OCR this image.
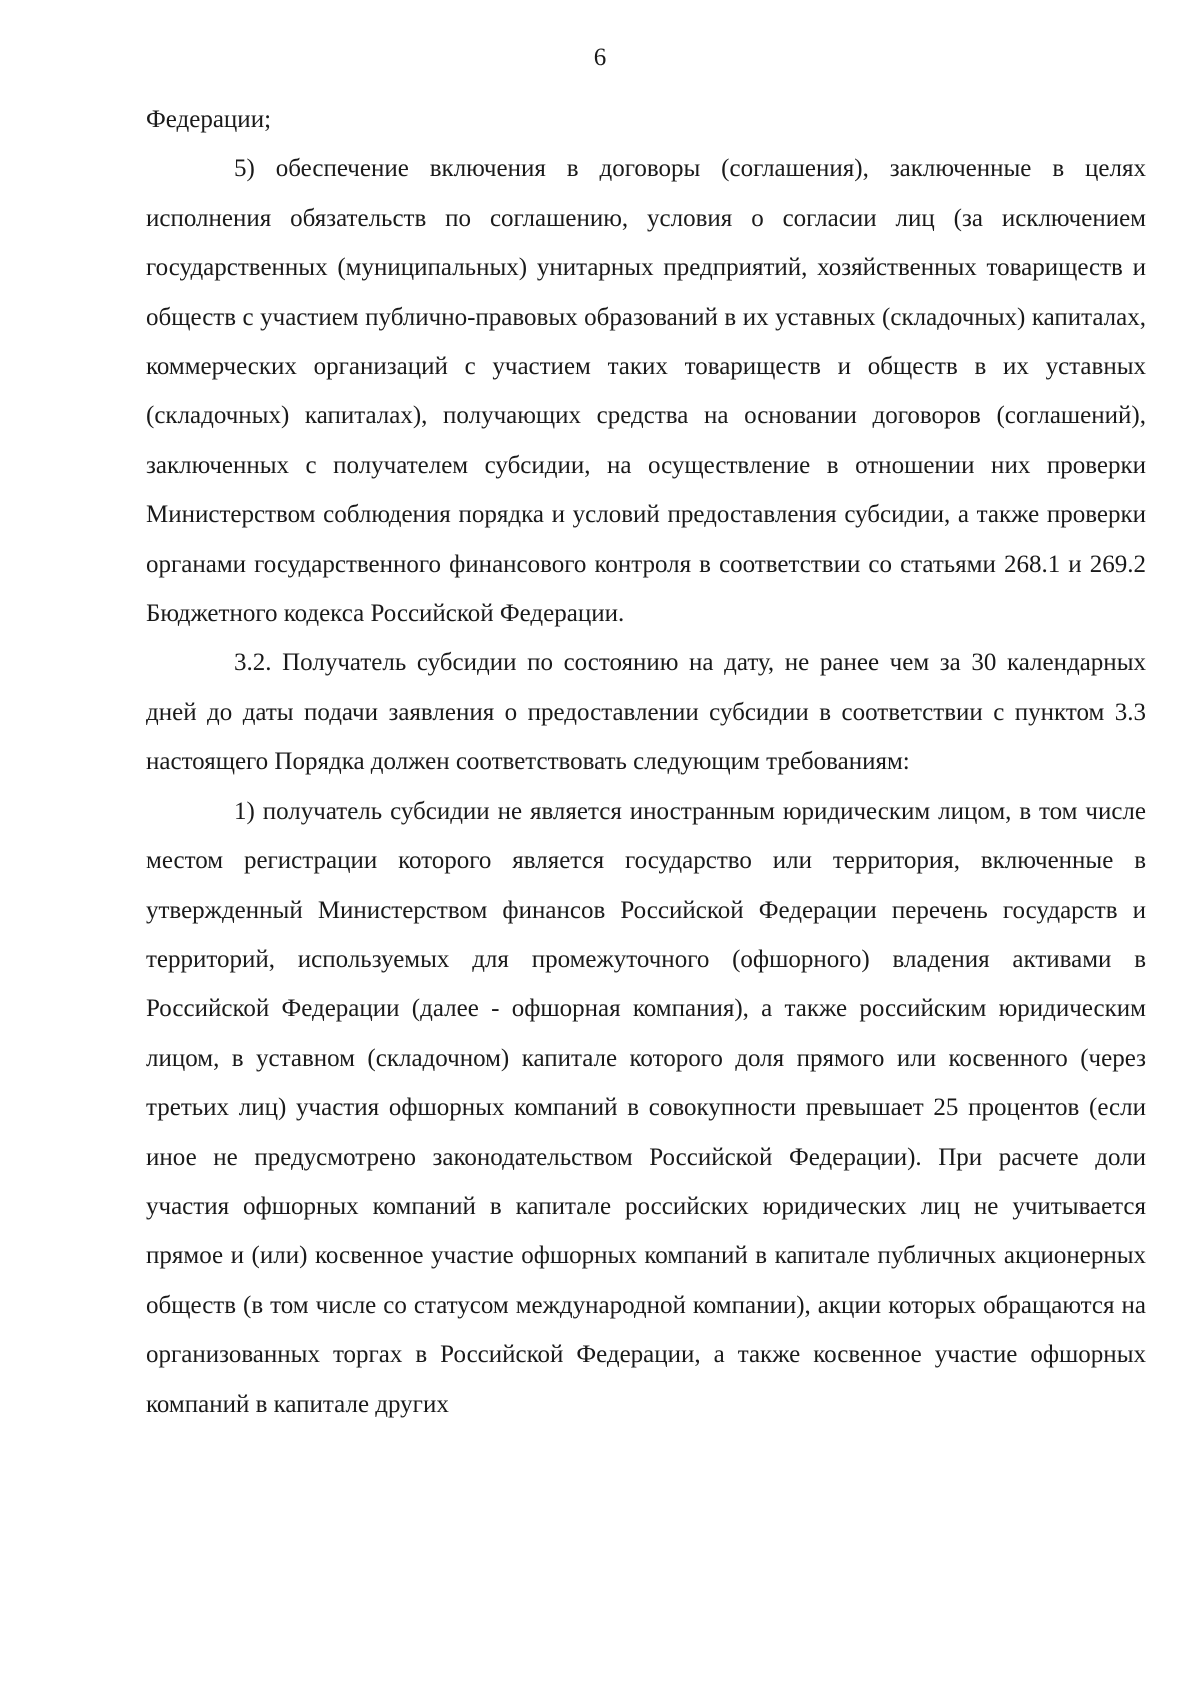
6

Федерации;

5) обеспечение включения в договоры (соглашения), заключенные в целях исполнения обязательств по соглашению, условия о согласии лиц (за исключением государственных (муниципальных) унитарных предприятий, хозяйственных товариществ и обществ с участием публично-правовых образований в их уставных (складочных) капиталах, коммерческих организаций с участием таких товариществ и обществ в их уставных (складочных) капиталах), получающих средства на основании договоров (соглашений), заключенных с получателем субсидии, на осуществление в отношении них проверки Министерством соблюдения порядка и условий предоставления субсидии, а также проверки органами государственного финансового контроля в соответствии со статьями 268.1 и 269.2 Бюджетного кодекса Российской Федерации.

3.2. Получатель субсидии по состоянию на дату, не ранее чем за 30 календарных дней до даты подачи заявления о предоставлении субсидии в соответствии с пунктом 3.3 настоящего Порядка должен соответствовать следующим требованиям:

1) получатель субсидии не является иностранным юридическим лицом, в том числе местом регистрации которого является государство или территория, включенные в утвержденный Министерством финансов Российской Федерации перечень государств и территорий, используемых для промежуточного (офшорного) владения активами в Российской Федерации (далее - офшорная компания), а также российским юридическим лицом, в уставном (складочном) капитале которого доля прямого или косвенного (через третьих лиц) участия офшорных компаний в совокупности превышает 25 процентов (если иное не предусмотрено законодательством Российской Федерации). При расчете доли участия офшорных компаний в капитале российских юридических лиц не учитывается прямое и (или) косвенное участие офшорных компаний в капитале публичных акционерных обществ (в том числе со статусом международной компании), акции которых обращаются на организованных торгах в Российской Федерации, а также косвенное участие офшорных компаний в капитале других
